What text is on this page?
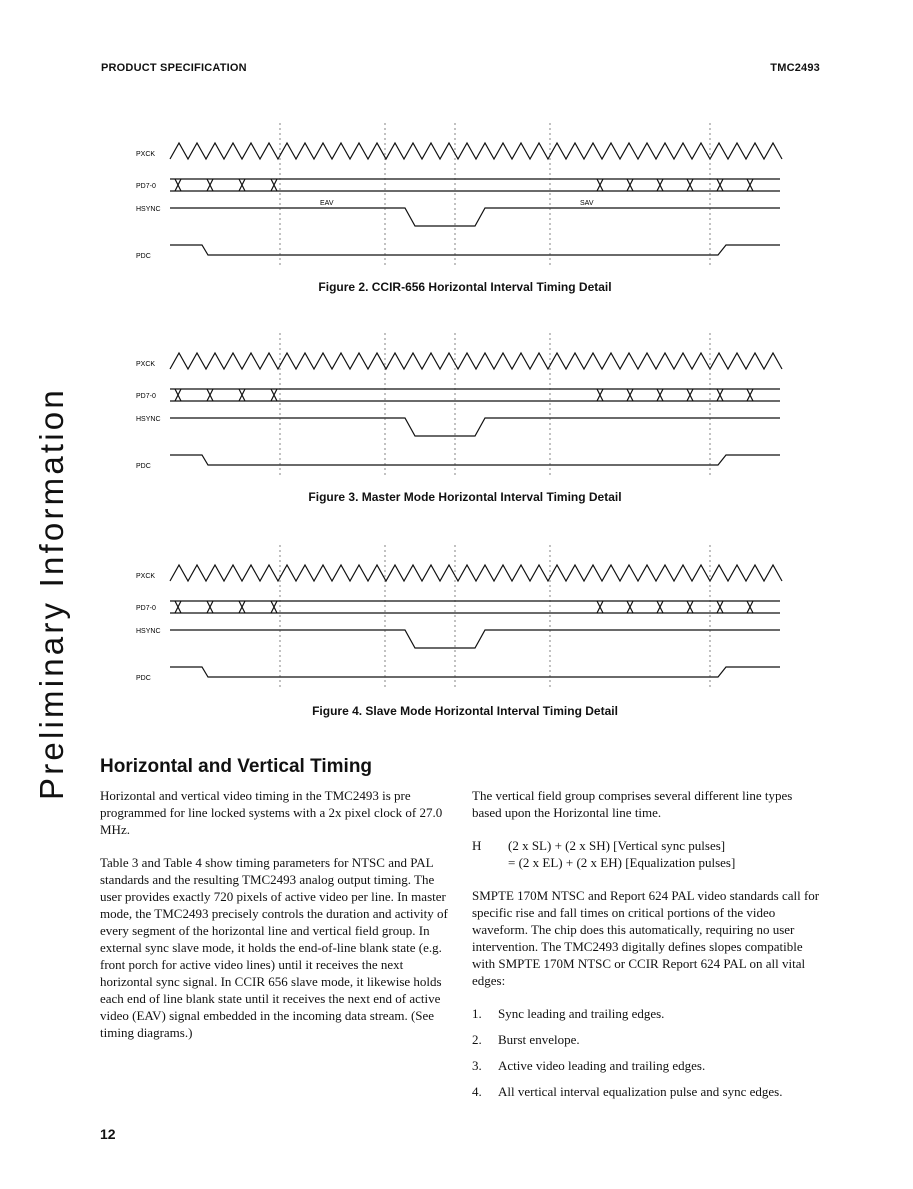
PRODUCT SPECIFICATION	TMC2493
Preliminary Information
PXCK
PD7-0
HSYNC
PDC
EAV	SAV
Figure 2. CCIR-656 Horizontal Interval Timing Detail
PXCK
PD7-0
HSYNC
PDC
Figure 3. Master Mode Horizontal Interval Timing Detail
PXCK
PD7-0
HSYNC
PDC
Figure 4. Slave Mode Horizontal Interval Timing Detail
Horizontal and Vertical Timing

Horizontal and vertical video timing in the TMC2493 is pre programmed for line locked systems with a 2x pixel clock of 27.0 MHz.

Table 3 and Table 4 show timing parameters for NTSC and PAL standards and the resulting TMC2493 analog output timing. The user provides exactly 720 pixels of active video per line. In master mode, the TMC2493 precisely controls the duration and activity of every segment of the horizontal line and vertical field group. In external sync slave mode, it holds the end-of-line blank state (e.g. front porch for active video lines) until it receives the next horizontal sync signal. In CCIR 656 slave mode, it likewise holds each end of line blank state until it receives the next end of active video (EAV) signal embedded in the incoming data stream. (See timing diagrams.)

The vertical field group comprises several different line types based upon the Horizontal line time.

H (2 x SL) + (2 x SH) [Vertical sync pulses]
= (2 x EL) + (2 x EH) [Equalization pulses]

SMPTE 170M NTSC and Report 624 PAL video standards call for specific rise and fall times on critical portions of the video waveform. The chip does this automatically, requiring no user intervention. The TMC2493 digitally defines slopes compatible with SMPTE 170M NTSC or CCIR Report 624 PAL on all vital edges:

1.	Sync leading and trailing edges.
2.	Burst envelope.
3.	Active video leading and trailing edges.
4.	All vertical interval equalization pulse and sync edges.
12
